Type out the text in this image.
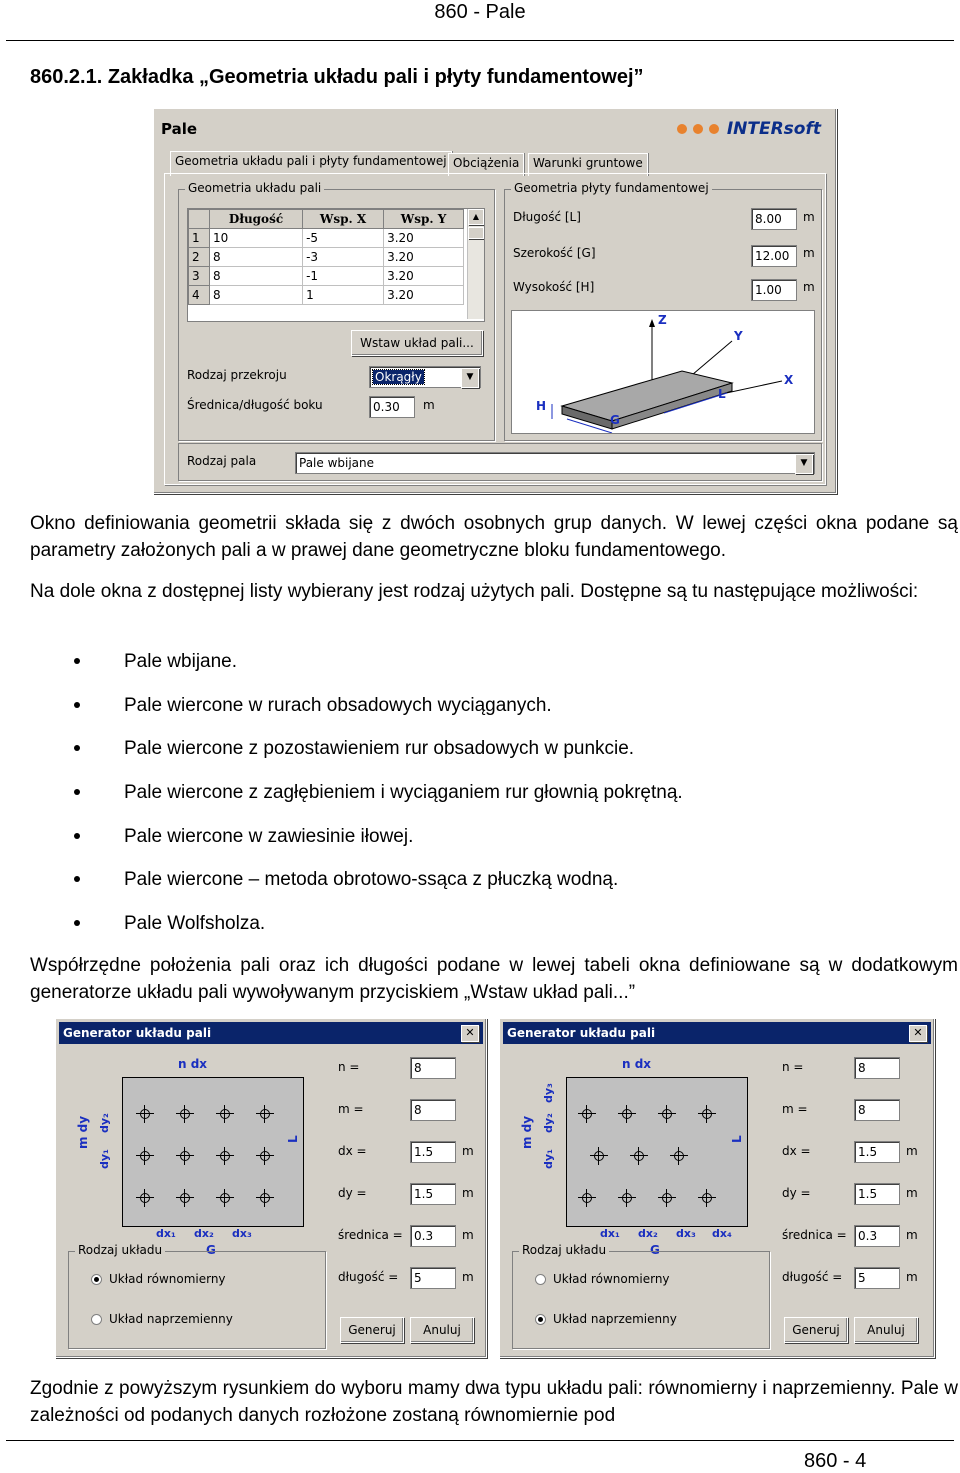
860 - Pale
860.2.1. Zakładka „Geometria układu pali i płyty fundamentowej”
Pale	INTERsoft
Geometria układu pali i płyty fundamentowej Obciążenia	Warunki gruntowe
Geometria układu pali
	Długość	Wsp. X	Wsp. Y
1	10	-5	3.20
2	8	-3	3.20
3	8	-1	3.20
4	8	1	3.20
▲
Wstaw układ pali...
Rodzaj przekroju	Okrągły	▼
Średnica/długość boku	0.30	m
Geometria płyty fundamentowej
Długość [L]	8.00	m
Szerokość [G]	12.00	m
Wysokość [H]	1.00	m
Z
Y
X
H
G
L
Rodzaj pala	Pale wbijane	▼
Okno definiowania geometrii składa się z dwóch osobnych grup danych. W lewej części okna podane są parametry założonych pali a w prawej dane geometryczne bloku fundamentowego.
Na dole okna z dostępnej listy wybierany jest rodzaj użytych pali. Dostępne są tu następujące możliwości:
Pale wbijane.
Pale wiercone w rurach obsadowych wyciąganych.
Pale wiercone z pozostawieniem rur obsadowych w punkcie.
Pale wiercone z zagłębieniem i wyciąganiem rur głownią pokrętną.
Pale wiercone w zawiesinie iłowej.
Pale wiercone – metoda obrotowo-ssąca z płuczką wodną.
Pale Wolfsholza.
Współrzędne położenia pali oraz ich długości podane w lewej tabeli okna definiowane są w dodatkowym generatorze układu pali wywoływanym przyciskiem „Wstaw układ pali...”
Generator układu pali	✕
n dx
m dy
dy₁
dy₂
L
dx₁ dx₂ dx₃
G
Rodzaj układu
Układ równomierny
Układ naprzemienny
n =	8
m =	8
dx =	1.5	m
dy =	1.5	m
średnica = 0.3	m
długość =	5	m
Generuj	Anuluj
Generator układu pali	✕
n dx
m dy
dy₁
dy₂
dy₃
L
dx₁ dx₂ dx₃ dx₄
G
Rodzaj układu
Układ równomierny
Układ naprzemienny
n =	8
m =	8
dx =	1.5	m
dy =	1.5	m
średnica = 0.3	m
długość =	5	m
Generuj	Anuluj
Zgodnie z powyższym rysunkiem do wyboru mamy dwa typu układu pali: równomierny i naprzemienny. Pale w zależności od podanych danych rozłożone zostaną równomiernie pod
860 - 4
